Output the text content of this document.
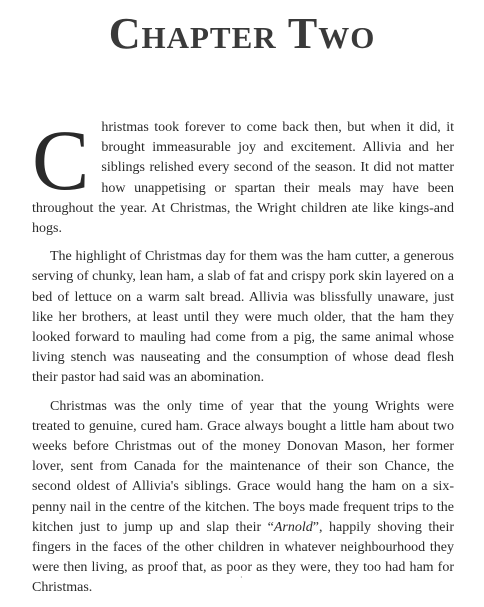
Chapter Two

Christmas took forever to come back then, but when it did, it brought immeasurable joy and excitement. Allivia and her siblings relished every second of the season. It did not matter how unappetising or spartan their meals may have been throughout the year. At Christmas, the Wright children ate like kings-and hogs.

The highlight of Christmas day for them was the ham cutter, a generous serving of chunky, lean ham, a slab of fat and crispy pork skin layered on a bed of lettuce on a warm salt bread. Allivia was blissfully unaware, just like her brothers, at least until they were much older, that the ham they looked forward to mauling had come from a pig, the same animal whose living stench was nauseating and the consumption of whose dead flesh their pastor had said was an abomination.

Christmas was the only time of year that the young Wrights were treated to genuine, cured ham. Grace always bought a little ham about two weeks before Christmas out of the money Donovan Mason, her former lover, sent from Canada for the maintenance of their son Chance, the second oldest of Allivia's siblings. Grace would hang the ham on a six-penny nail in the centre of the kitchen. The boys made frequent trips to the kitchen just to jump up and slap their “Arnold”, happily shoving their fingers in the faces of the other children in whatever neighbourhood they were then living, as proof that, as poor as they were, they too had ham for Christmas.

·
